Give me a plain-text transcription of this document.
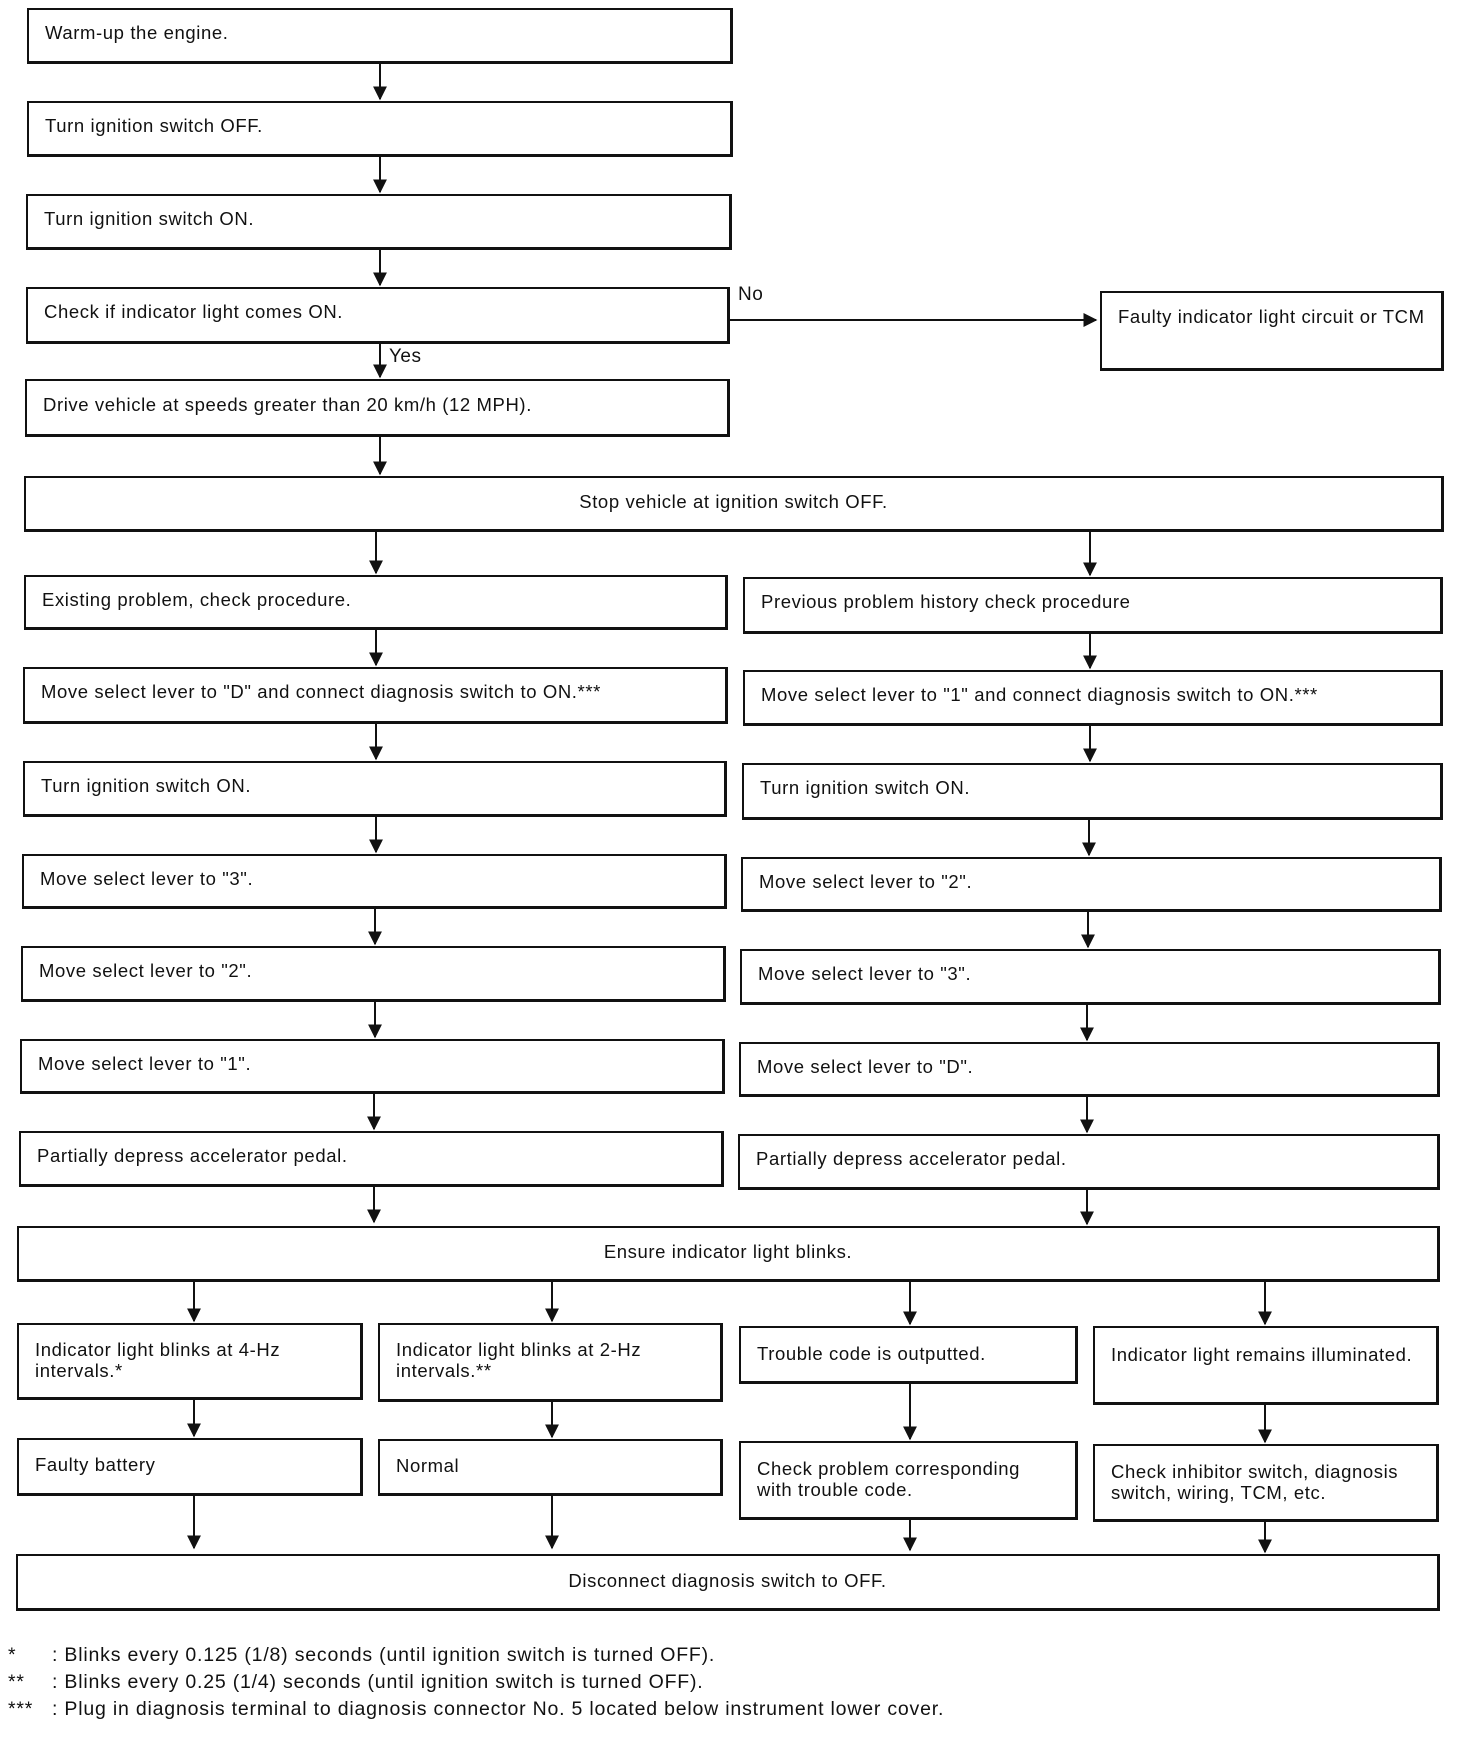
Warm-up the engine.
Turn ignition switch OFF.
Turn ignition switch ON.
Check if indicator light comes ON.
No
Yes
Faulty indicator light circuit or TCM
Drive vehicle at speeds greater than 20 km/h (12 MPH).
Stop vehicle at ignition switch OFF.
Existing problem, check procedure.
Move select lever to "D" and connect diagnosis switch to ON.***
Turn ignition switch ON.
Move select lever to "3".
Move select lever to "2".
Move select lever to "1".
Partially depress accelerator pedal.
Previous problem history check procedure
Move select lever to "1" and connect diagnosis switch to ON.***
Turn ignition switch ON.
Move select lever to "2".
Move select lever to "3".
Move select lever to "D".
Partially depress accelerator pedal.
Ensure indicator light blinks.
Indicator light blinks at 4-Hz intervals.*
Indicator light blinks at 2-Hz intervals.**
Trouble code is outputted.	Indicator light remains illuminated.
Faulty battery	Normal	Check problem corresponding with trouble code.
Check inhibitor switch, diagnosis switch, wiring, TCM, etc.
Disconnect diagnosis switch to OFF.
* : Blinks every 0.125 (1/8) seconds (until ignition switch is turned OFF).
** : Blinks every 0.25 (1/4) seconds (until ignition switch is turned OFF).
*** : Plug in diagnosis terminal to diagnosis connector No. 5 located below instrument lower cover.
